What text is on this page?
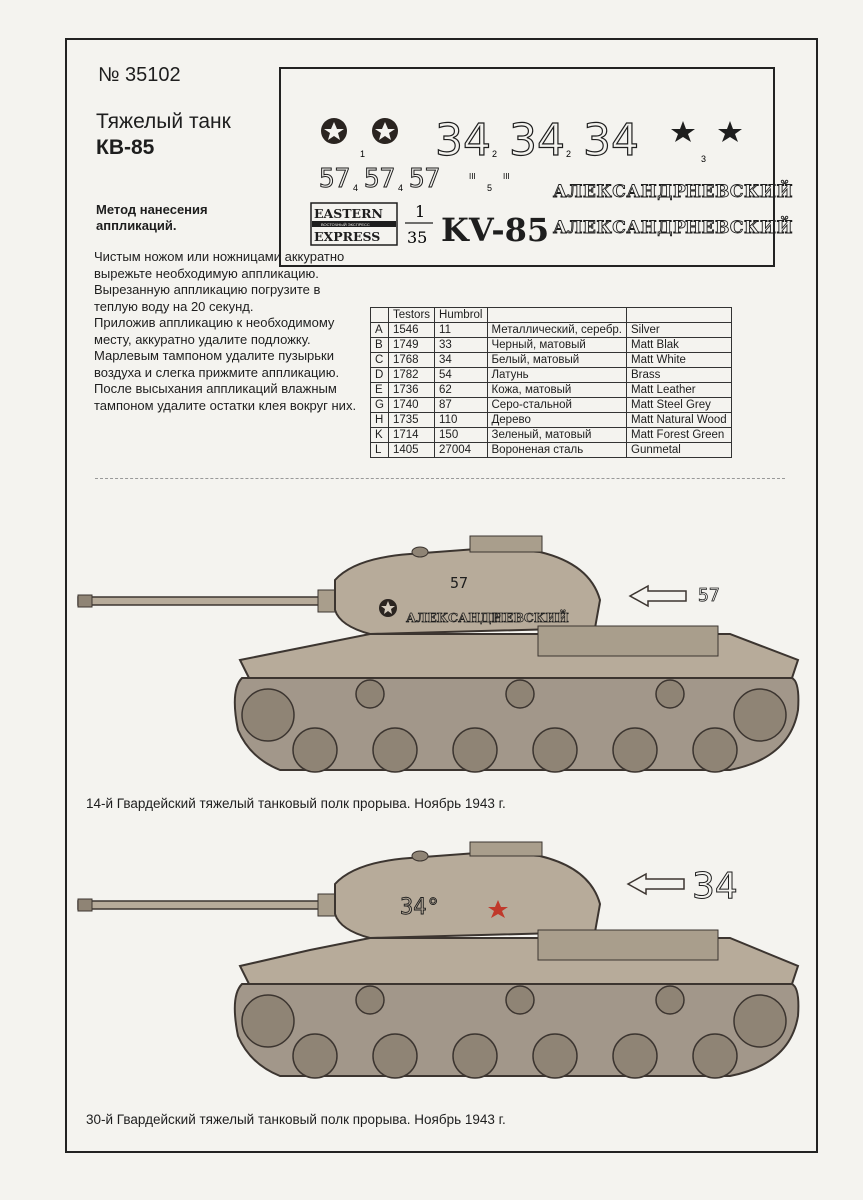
№ 35102
Тяжелый танк
КВ-85
Метод нанесения аппликаций.

Чистым ножом или ножницами аккуратно вырежьте необходимую аппликацию.

Вырезанную аппликацию погрузите в теплую воду на 20 секунд.

Приложив аппликацию к необходимому месту, аккуратно удалите подложку.

Марлевым тампоном удалите пузырьки воздуха и слегка прижмите аппликацию.

После высыхания аппликаций влажным тампоном удалите остатки клея вокруг них.

1 34 34 34
2	2	3
57 57 57
4	4
III	III
5	АЛЕКСАНДР
НЕВСКИЙ
АЛЕКСАНДР
НЕВСКИЙ
EASTERN
ВОСТОЧНЫЙ ЭКСПРЕСС
EXPRESS
1
35 KV-85
	Testors	Humbrol		
A	1546	11	Металлический, серебр.	Silver
B	1749	33	Черный, матовый	Matt Blak
C	1768	34	Белый, матовый	Matt White
D	1782	54	Латунь	Brass
E	1736	62	Кожа, матовый	Matt Leather
G	1740	87	Серо-стальной	Matt Steel Grey
H	1735	110	Дерево	Matt Natural Wood
K	1714	150	Зеленый, матовый	Matt Forest Green
L	1405	27004	Вороненая сталь	Gunmetal
57
АЛЕКСАНДР
НЕВСКИЙ
57
14-й Гвардейский тяжелый танковый полк прорыва. Ноябрь 1943 г.
34°
34
30-й Гвардейский тяжелый танковый полк прорыва. Ноябрь 1943 г.
